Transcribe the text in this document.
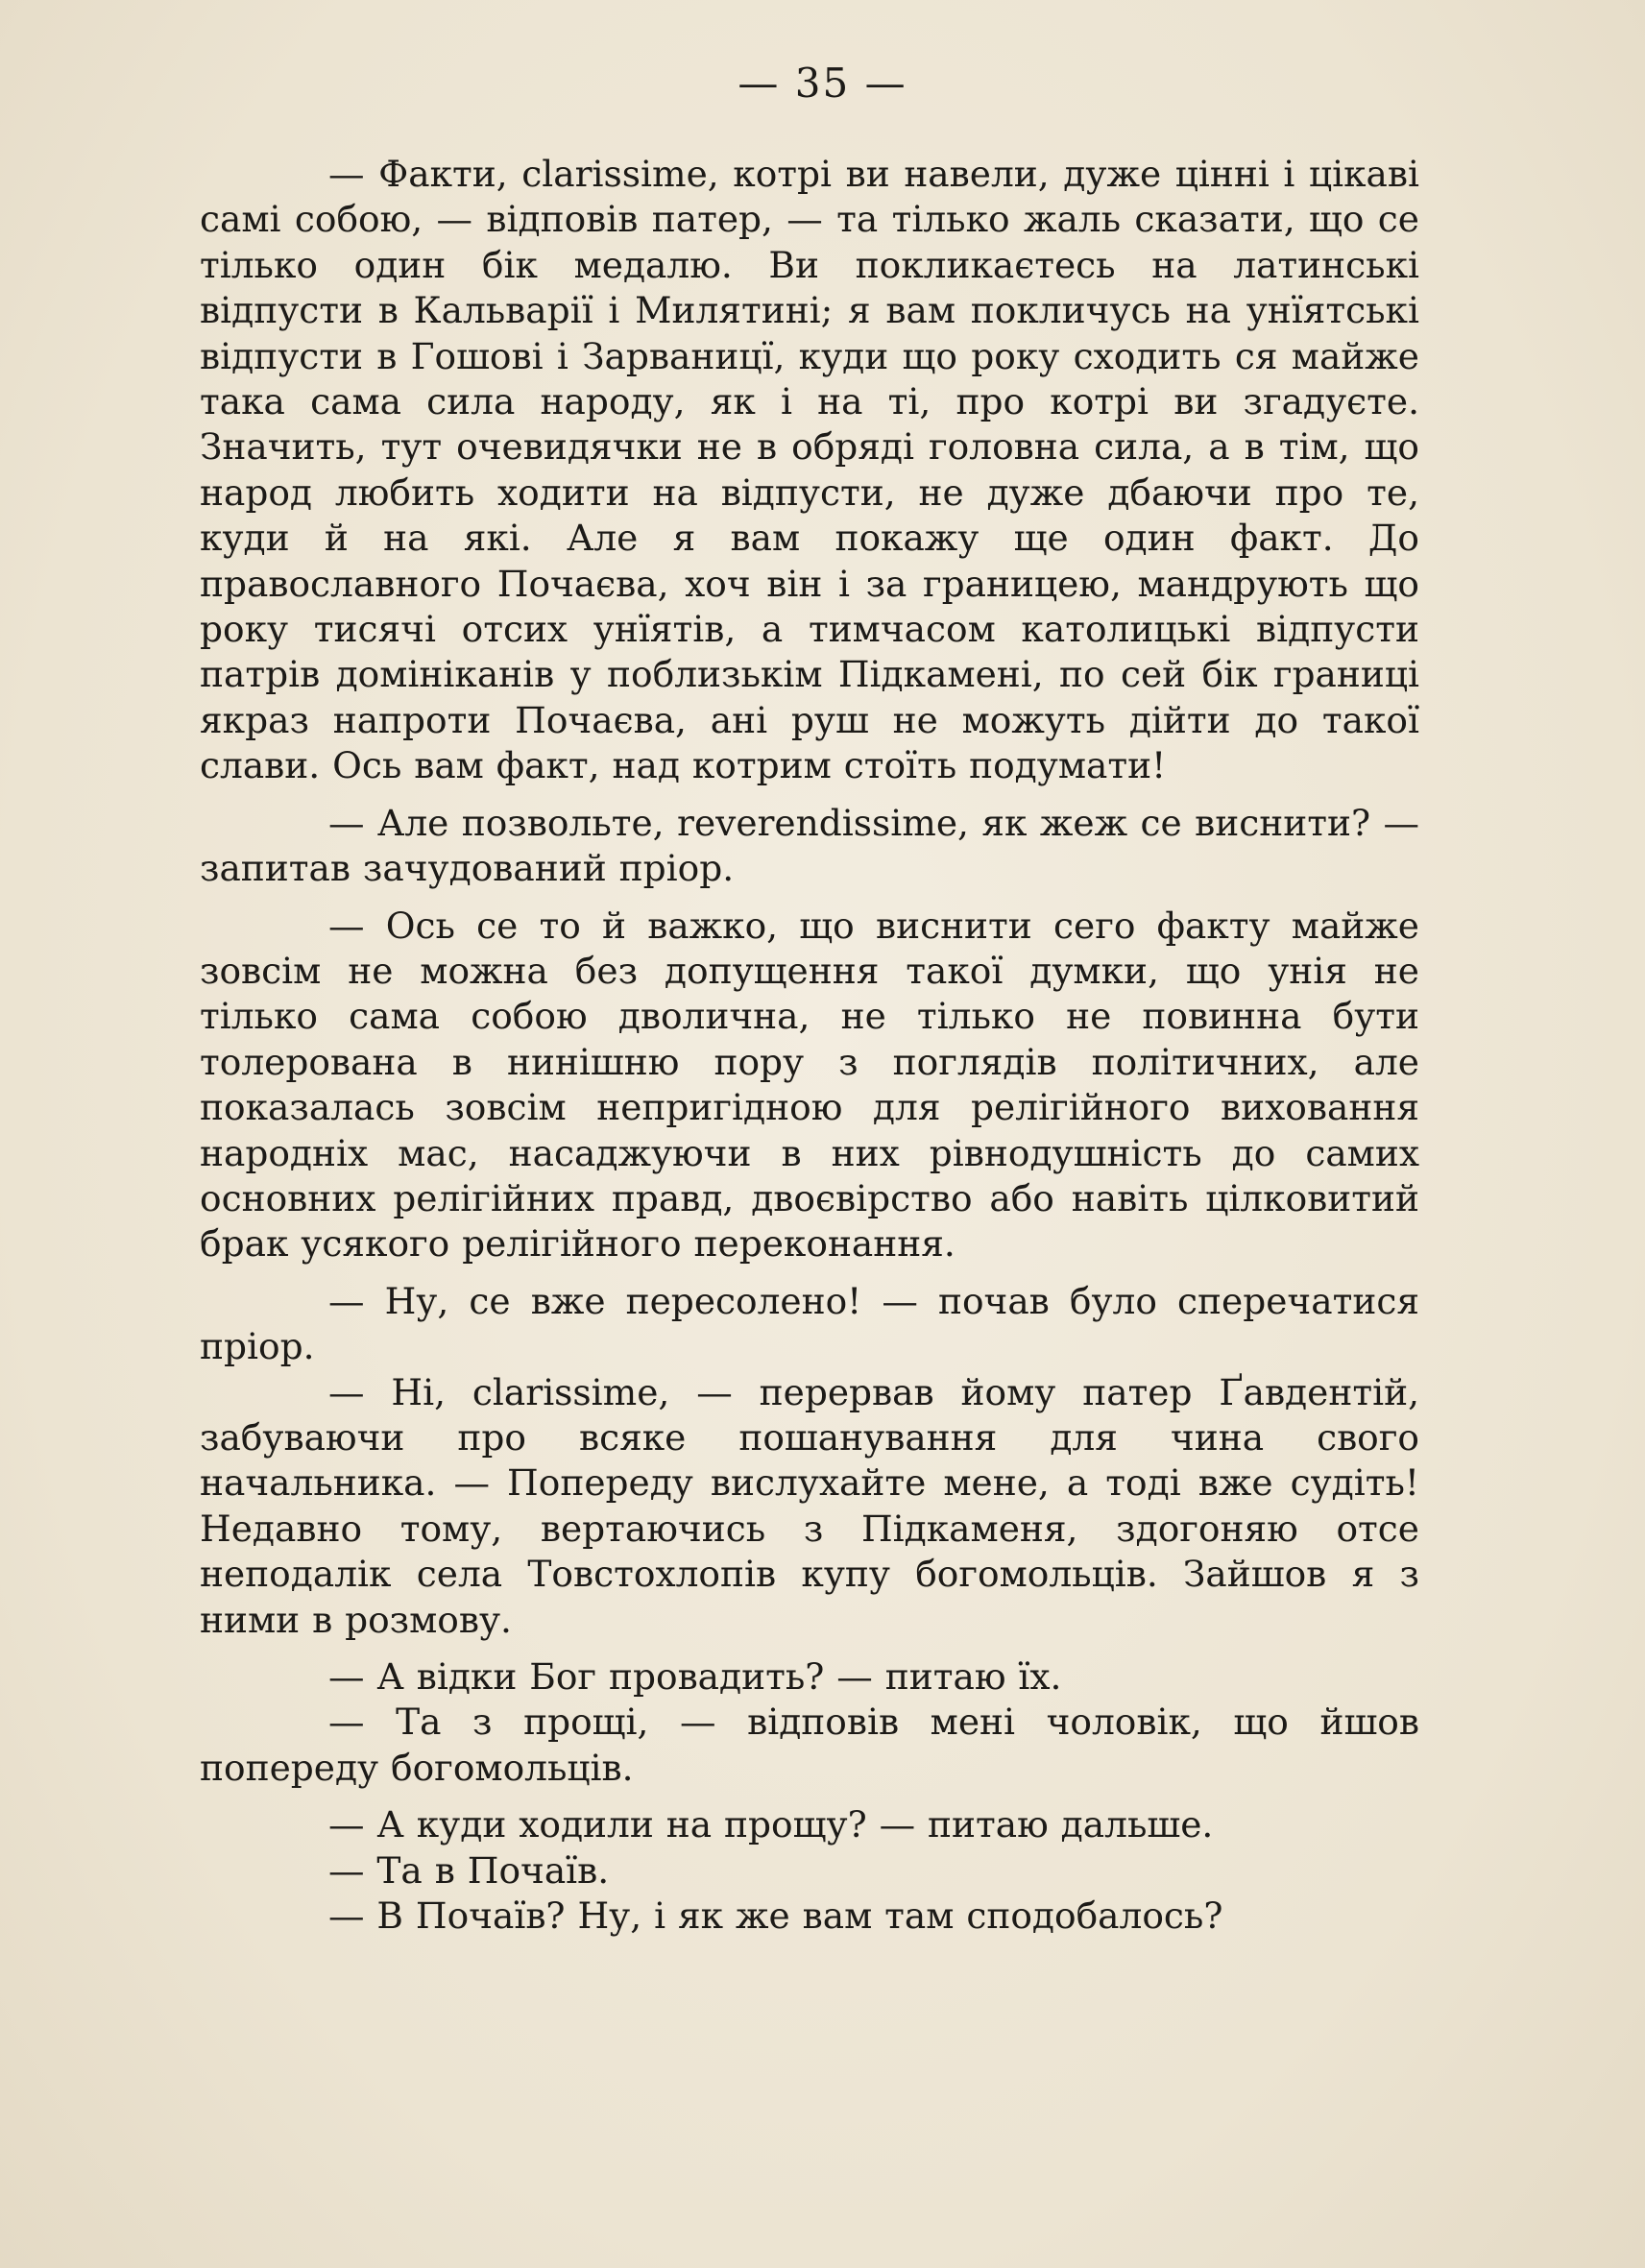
— 35 —

— Факти, clarissime, котрі ви навели, дуже цінні і цікаві самі собою, — відповів патер, — та тілько жаль сказати, що се тілько один бік медалю. Ви покликаєтесь на латинські відпусти в Кальварії і Милятині; я вам покличусь на унїятські відпусти в Гошові і Зарваницї, куди що року сходить ся майже така сама сила народу, як і на ті, про котрі ви згадуєте. Значить, тут очевидячки не в обряді головна сила, а в тім, що народ любить ходити на відпусти, не дуже дбаючи про те, куди й на які. Але я вам покажу ще один факт. До православного Почаєва, хоч він і за границею, мандрують що року тисячі отсих унїятів, а тимчасом католицькі відпусти патрів домініканів у поблизькім Підкамені, по сей бік границі якраз напроти Почаєва, ані руш не можуть дійти до такої слави. Ось вам факт, над котрим стоїть подумати!

— Але позвольте, reverendissime, як жеж се виснити? — запитав зачудований пріор.

— Ось се то й важко, що виснити сего факту майже зовсім не можна без допущення такої думки, що унія не тілько сама собою дволична, не тілько не повинна бути толерована в нинішню пору з поглядів політичних, але показалась зовсім непригідною для релігійного виховання народніх мас, насаджуючи в них рівнодушність до самих основних релігійних правд, двоєвірство або навіть цілковитий брак усякого релігійного переконання.

— Ну, се вже пересолено! — почав було сперечатися пріор.

— Ні, clarissime, — перервав йому патер Ґавдентій, забуваючи про всяке пошанування для чина свого начальника. — Попереду вислухайте мене, а тоді вже судіть! Недавно тому, вертаючись з Підкаменя, здогоняю отсе неподалік села Товстохлопів купу богомольців. Зайшов я з ними в розмову.

— А відки Бог провадить? — питаю їх.

— Та з прощі, — відповів мені чоловік, що йшов попереду богомольців.

— А куди ходили на прощу? — питаю дальше.

— Та в Почаїв.

— В Почаїв? Ну, і як же вам там сподобалось?
